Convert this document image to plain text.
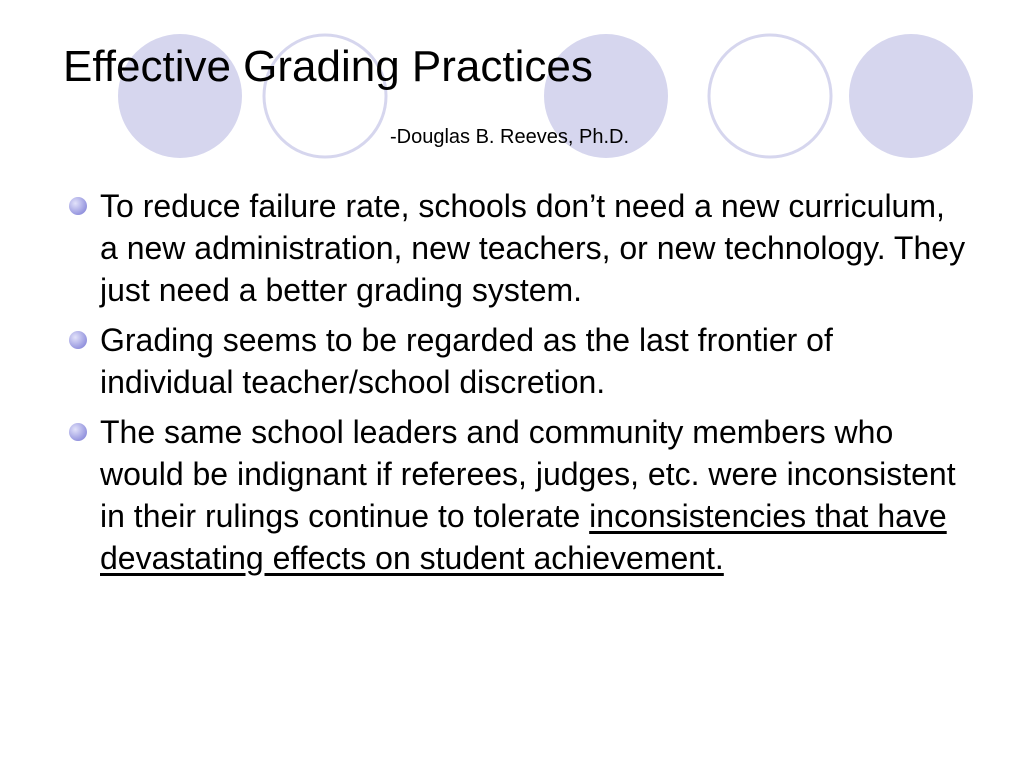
Effective Grading Practices
-Douglas B. Reeves, Ph.D.
To reduce failure rate, schools don’t need a new curriculum, a new administration, new teachers, or new technology. They just need a better grading system.
Grading seems to be regarded as the last frontier of individual teacher/school discretion.
The same school leaders and community members who would be indignant if referees, judges, etc. were inconsistent in their rulings continue to tolerate inconsistencies that have devastating effects on student achievement.
